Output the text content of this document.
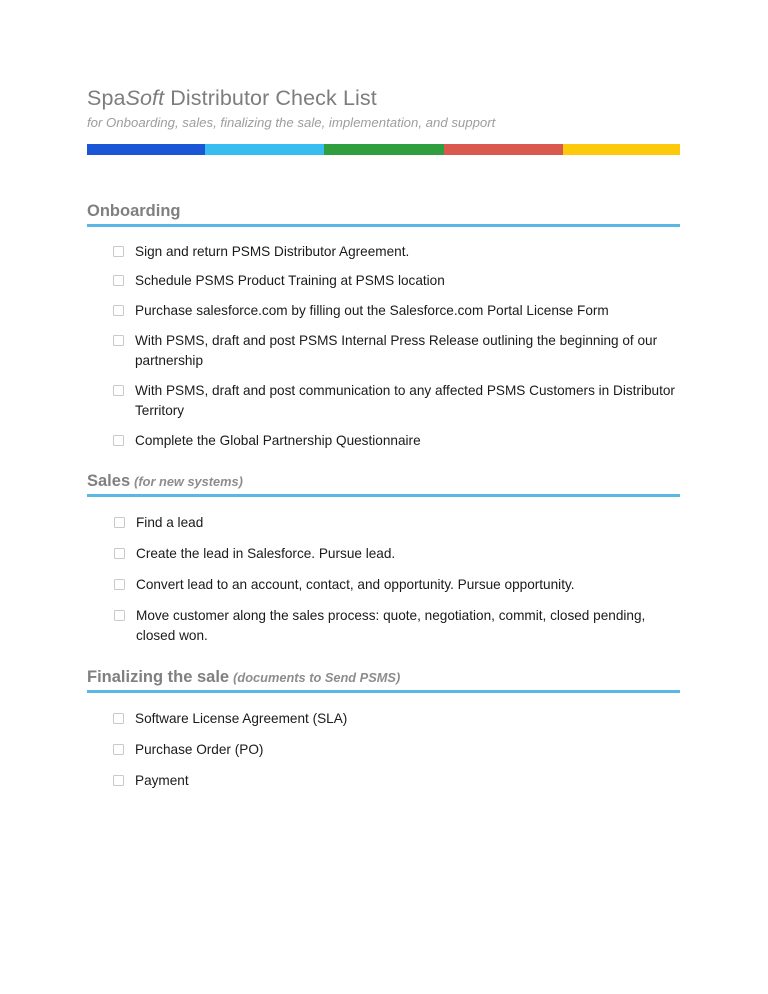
SpaSoft Distributor Check List

for Onboarding, sales, finalizing the sale, implementation, and support

Onboarding
Sign and return PSMS Distributor Agreement.
Schedule PSMS Product Training at PSMS location
Purchase salesforce.com by filling out the Salesforce.com Portal License Form
With PSMS, draft and post PSMS Internal Press Release outlining the beginning of our partnership
With PSMS, draft and post communication to any affected PSMS Customers in Distributor Territory
Complete the Global Partnership Questionnaire
Sales (for new systems)
Find a lead
Create the lead in Salesforce. Pursue lead.
Convert lead to an account, contact, and opportunity. Pursue opportunity.
Move customer along the sales process: quote, negotiation, commit, closed pending, closed won.
Finalizing the sale (documents to Send PSMS)
Software License Agreement (SLA)
Purchase Order (PO)
Payment
